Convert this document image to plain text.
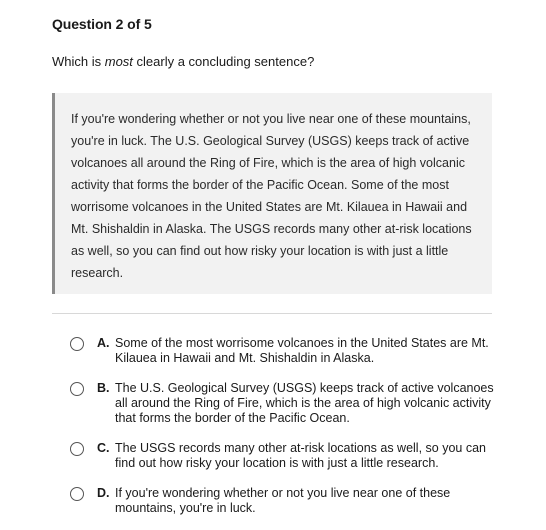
Question 2 of 5
Which is most clearly a concluding sentence?

If you're wondering whether or not you live near one of these mountains, you're in luck. The U.S. Geological Survey (USGS) keeps track of active volcanoes all around the Ring of Fire, which is the area of high volcanic activity that forms the border of the Pacific Ocean. Some of the most worrisome volcanoes in the United States are Mt. Kilauea in Hawaii and Mt. Shishaldin in Alaska. The USGS records many other at-risk locations as well, so you can find out how risky your location is with just a little research.

A. Some of the most worrisome volcanoes in the United States are Mt. Kilauea in Hawaii and Mt. Shishaldin in Alaska.
B. The U.S. Geological Survey (USGS) keeps track of active volcanoes all around the Ring of Fire, which is the area of high volcanic activity that forms the border of the Pacific Ocean.
C. The USGS records many other at-risk locations as well, so you can find out how risky your location is with just a little research.
D. If you're wondering whether or not you live near one of these mountains, you're in luck.
